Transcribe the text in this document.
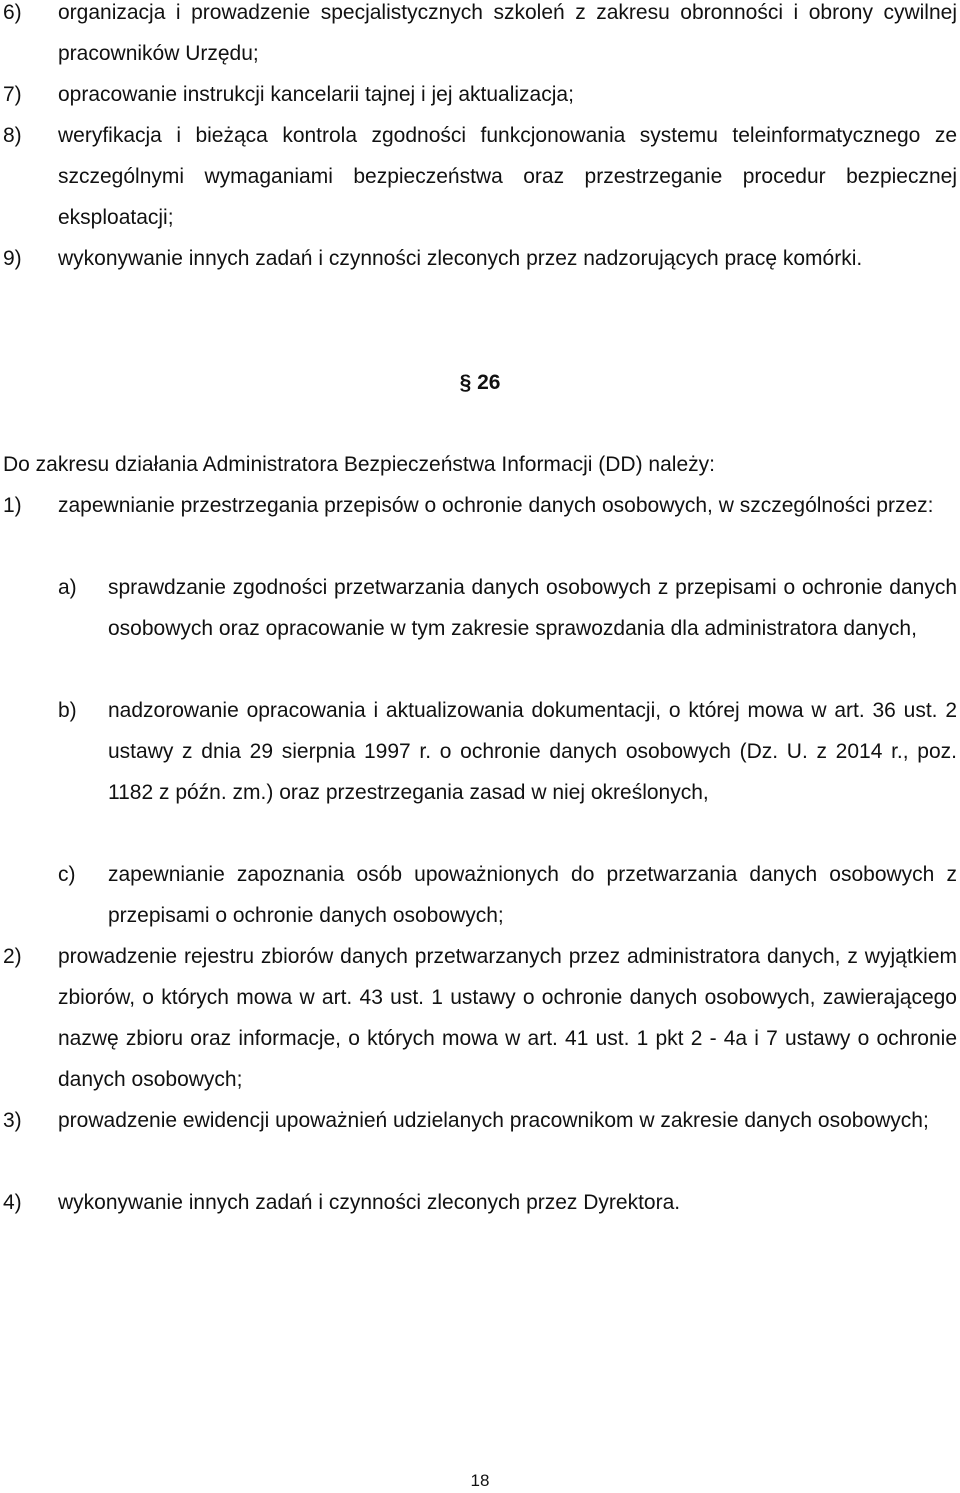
6) organizacja i prowadzenie specjalistycznych szkoleń z zakresu obronności i obrony cywilnej pracowników Urzędu;
7) opracowanie instrukcji kancelarii tajnej i jej aktualizacja;
8) weryfikacja i bieżąca kontrola zgodności funkcjonowania systemu teleinformatycznego ze szczególnymi wymaganiami bezpieczeństwa oraz przestrzeganie procedur bezpiecznej eksploatacji;
9) wykonywanie innych zadań i czynności zleconych przez nadzorujących pracę komórki.
§ 26
Do zakresu działania Administratora Bezpieczeństwa Informacji (DD) należy:
1) zapewnianie przestrzegania przepisów o ochronie danych osobowych, w szczególności przez:
a) sprawdzanie zgodności przetwarzania danych osobowych z przepisami o ochronie danych osobowych oraz opracowanie w tym zakresie sprawozdania dla administratora danych,
b) nadzorowanie opracowania i aktualizowania dokumentacji, o której mowa w art. 36 ust. 2 ustawy z dnia 29 sierpnia 1997 r. o ochronie danych osobowych (Dz. U. z 2014 r., poz. 1182 z późn. zm.) oraz przestrzegania zasad w niej określonych,
c) zapewnianie zapoznania osób upoważnionych do przetwarzania danych osobowych z przepisami o ochronie danych osobowych;
2) prowadzenie rejestru zbiorów danych przetwarzanych przez administratora danych, z wyjątkiem zbiorów, o których mowa w art. 43 ust. 1 ustawy o ochronie danych osobowych, zawierającego nazwę zbioru oraz informacje, o których mowa w art. 41 ust. 1 pkt 2 - 4a i 7 ustawy o ochronie danych osobowych;
3) prowadzenie ewidencji upoważnień udzielanych pracownikom w zakresie danych osobowych;
4) wykonywanie innych zadań i czynności zleconych przez Dyrektora.
18
